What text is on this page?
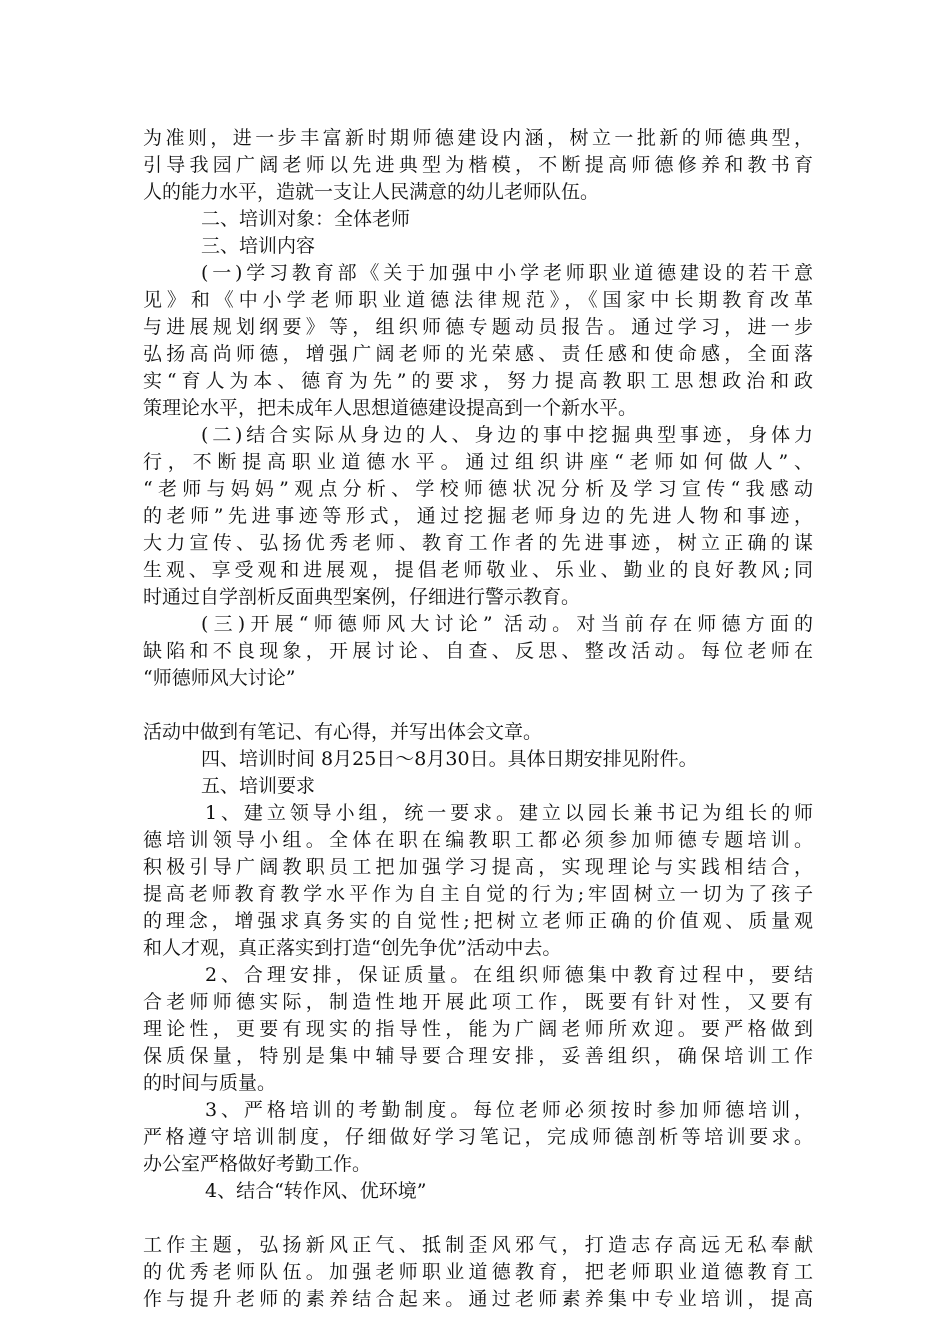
为准则，进一步丰富新时期师德建设内涵，树立一批新的师德典型，
引导我园广阔老师以先进典型为楷模，不断提高师德修养和教书育
人的能力水平，造就一支让人民满意的幼儿老师队伍。
二、培训对象：全体老师
三、培训内容
(一)学习教育部《关于加强中小学老师职业道德建设的若干意
见》和《中小学老师职业道德法律规范》，《国家中长期教育改革
与进展规划纲要》等，组织师德专题动员报告。通过学习，进一步
弘扬高尚师德，增强广阔老师的光荣感、责任感和使命感，全面落
实“育人为本、德育为先”的要求，努力提高教职工思想政治和政
策理论水平，把未成年人思想道德建设提高到一个新水平。
(二)结合实际从身边的人、身边的事中挖掘典型事迹，身体力
行，不断提高职业道德水平。通过组织讲座“老师如何做人”、
“老师与妈妈”观点分析、学校师德状况分析及学习宣传“我感动
的老师”先进事迹等形式，通过挖掘老师身边的先进人物和事迹，
大力宣传、弘扬优秀老师、教育工作者的先进事迹，树立正确的谋
生观、享受观和进展观，提倡老师敬业、乐业、勤业的良好教风;同
时通过自学剖析反面典型案例，仔细进行警示教育。
(三)开展“师德师风大讨论” 活动。对当前存在师德方面的
缺陷和不良现象，开展讨论、自查、反思、整改活动。每位老师在
“师德师风大讨论”
活动中做到有笔记、有心得，并写出体会文章。
四、培训时间 8月25日～8月30日。具体日期安排见附件。
五、培训要求
1、建立领导小组，统一要求。建立以园长兼书记为组长的师
德培训领导小组。全体在职在编教职工都必须参加师德专题培训。
积极引导广阔教职员工把加强学习提高，实现理论与实践相结合，
提高老师教育教学水平作为自主自觉的行为;牢固树立一切为了孩子
的理念，增强求真务实的自觉性;把树立老师正确的价值观、质量观
和人才观，真正落实到打造“创先争优”活动中去。
2、合理安排，保证质量。在组织师德集中教育过程中，要结
合老师师德实际，制造性地开展此项工作，既要有针对性，又要有
理论性，更要有现实的指导性，能为广阔老师所欢迎。要严格做到
保质保量，特别是集中辅导要合理安排，妥善组织，确保培训工作
的时间与质量。
3、严格培训的考勤制度。每位老师必须按时参加师德培训，
严格遵守培训制度，仔细做好学习笔记，完成师德剖析等培训要求。
办公室严格做好考勤工作。
4、结合“转作风、优环境”
工作主题，弘扬新风正气、抵制歪风邪气，打造志存高远无私奉献
的优秀老师队伍。加强老师职业道德教育，把老师职业道德教育工
作与提升老师的素养结合起来。通过老师素养集中专业培训，提高
